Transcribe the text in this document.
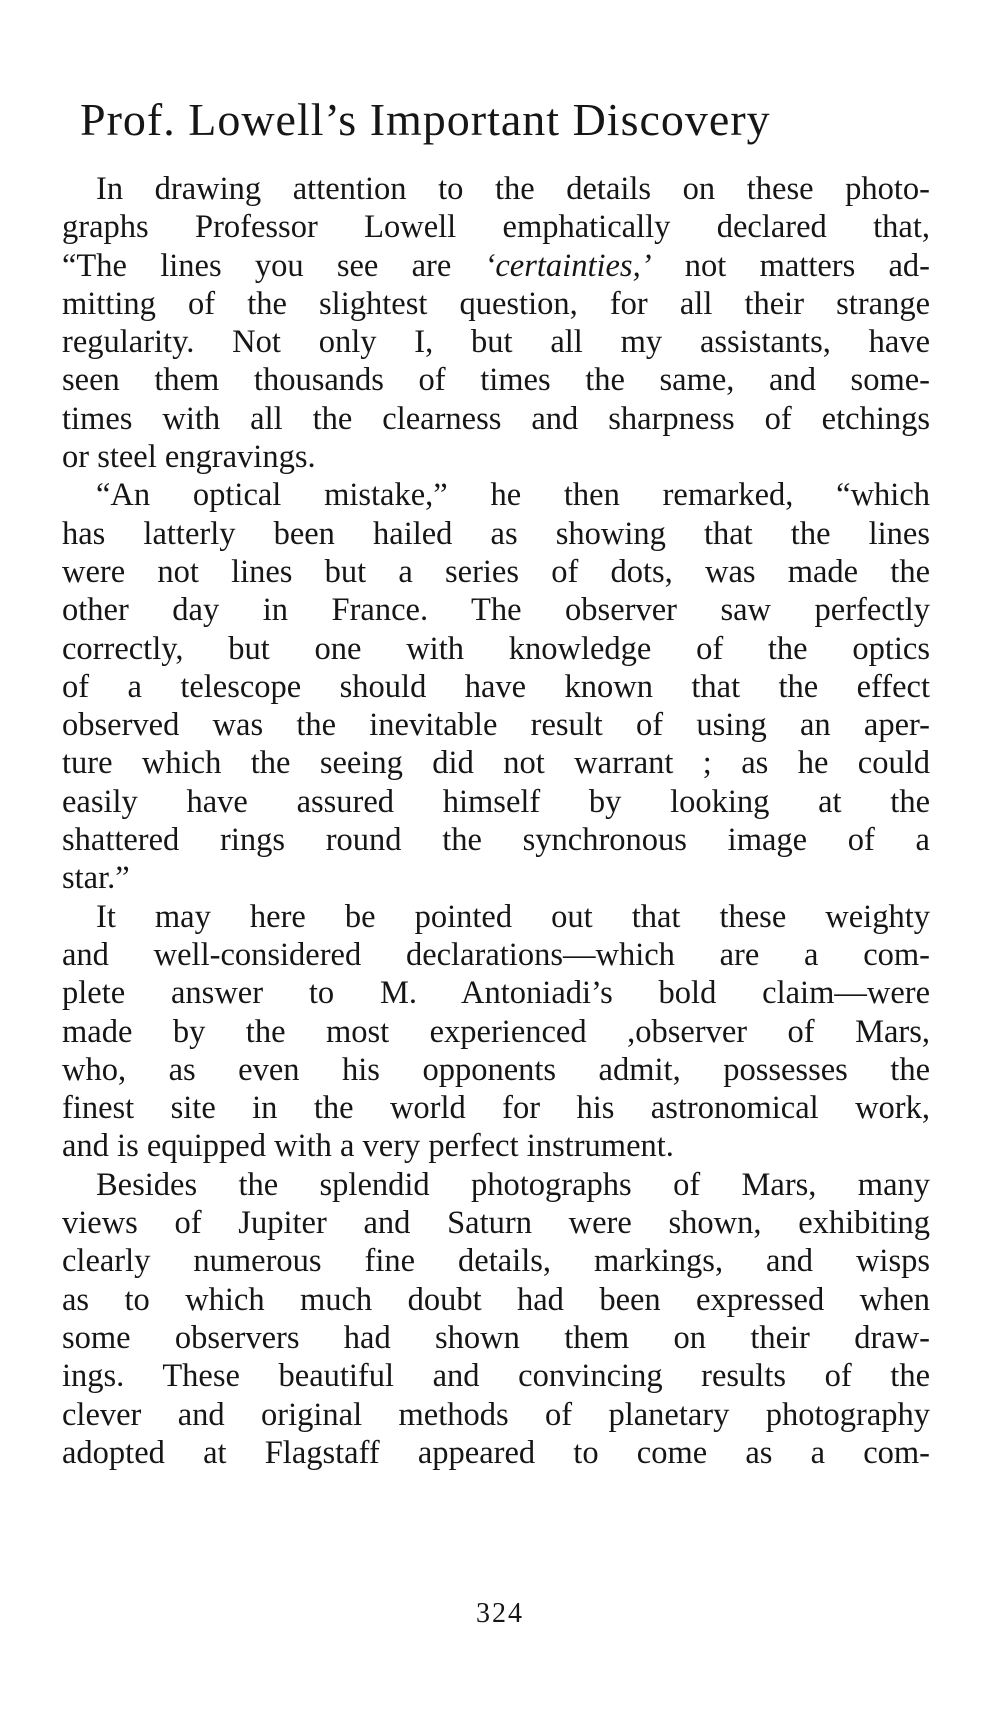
Prof. Lowell’s Important Discovery
In drawing attention to the details on these photo-
graphs Professor Lowell emphatically declared that,
“The lines you see are ‘certainties,’ not matters ad-
mitting of the slightest question, for all their strange
regularity. Not only I, but all my assistants, have
seen them thousands of times the same, and some-
times with all the clearness and sharpness of etchings
or steel engravings.
“An optical mistake,” he then remarked, “which
has latterly been hailed as showing that the lines
were not lines but a series of dots, was made the
other day in France. The observer saw perfectly
correctly, but one with knowledge of the optics
of a telescope should have known that the effect
observed was the inevitable result of using an aper-
ture which the seeing did not warrant ; as he could
easily have assured himself by looking at the
shattered rings round the synchronous image of a
star.”
It may here be pointed out that these weighty
and well-considered declarations—which are a com-
plete answer to M. Antoniadi’s bold claim—were
made by the most experienced ,observer of Mars,
who, as even his opponents admit, possesses the
finest site in the world for his astronomical work,
and is equipped with a very perfect instrument.
Besides the splendid photographs of Mars, many
views of Jupiter and Saturn were shown, exhibiting
clearly numerous fine details, markings, and wisps
as to which much doubt had been expressed when
some observers had shown them on their draw-
ings. These beautiful and convincing results of the
clever and original methods of planetary photography
adopted at Flagstaff appeared to come as a com-
324
